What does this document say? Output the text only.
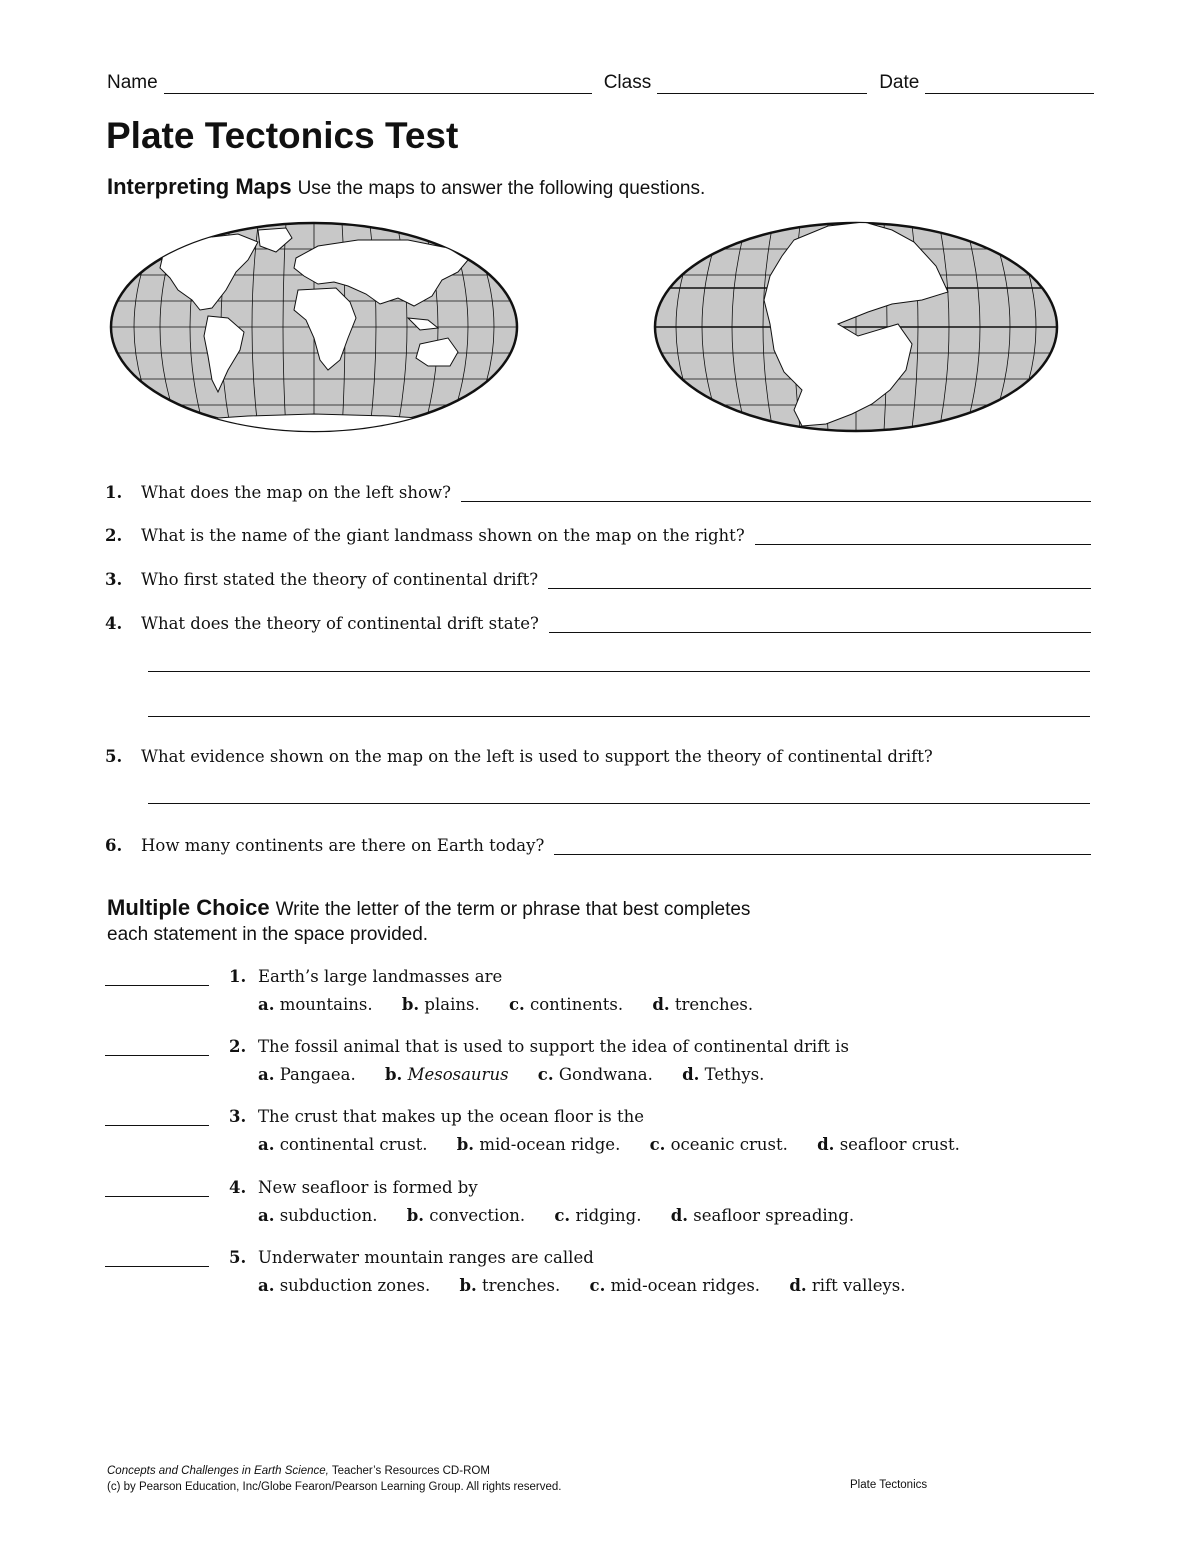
Name	Class	Date
Plate Tectonics Test
Interpreting Maps Use the maps to answer the following questions.
1.	What does the map on the left show?
2.	What is the name of the giant landmass shown on the map on the right?
3.	Who first stated the theory of continental drift?
4.	What does the theory of continental drift state?
5.	What evidence shown on the map on the left is used to support the theory of continental drift?
6.	How many continents are there on Earth today?
Multiple Choice Write the letter of the term or phrase that best completes
each statement in the space provided.
1. Earth’s large landmasses are
a. mountains. b. plains. c. continents. d. trenches.
2. The fossil animal that is used to support the idea of continental drift is
a. Pangaea. b. Mesosaurus c. Gondwana. d. Tethys.
3. The crust that makes up the ocean floor is the
a. continental crust. b. mid-ocean ridge. c. oceanic crust. d. seafloor crust.
4. New seafloor is formed by
a. subduction. b. convection. c. ridging. d. seafloor spreading.
5. Underwater mountain ranges are called
a. subduction zones. b. trenches. c. mid-ocean ridges. d. rift valleys.
Concepts and Challenges in Earth Science, Teacher’s Resources CD-ROM
(c) by Pearson Education, Inc/Globe Fearon/Pearson Learning Group. All rights reserved.	Plate Tectonics
